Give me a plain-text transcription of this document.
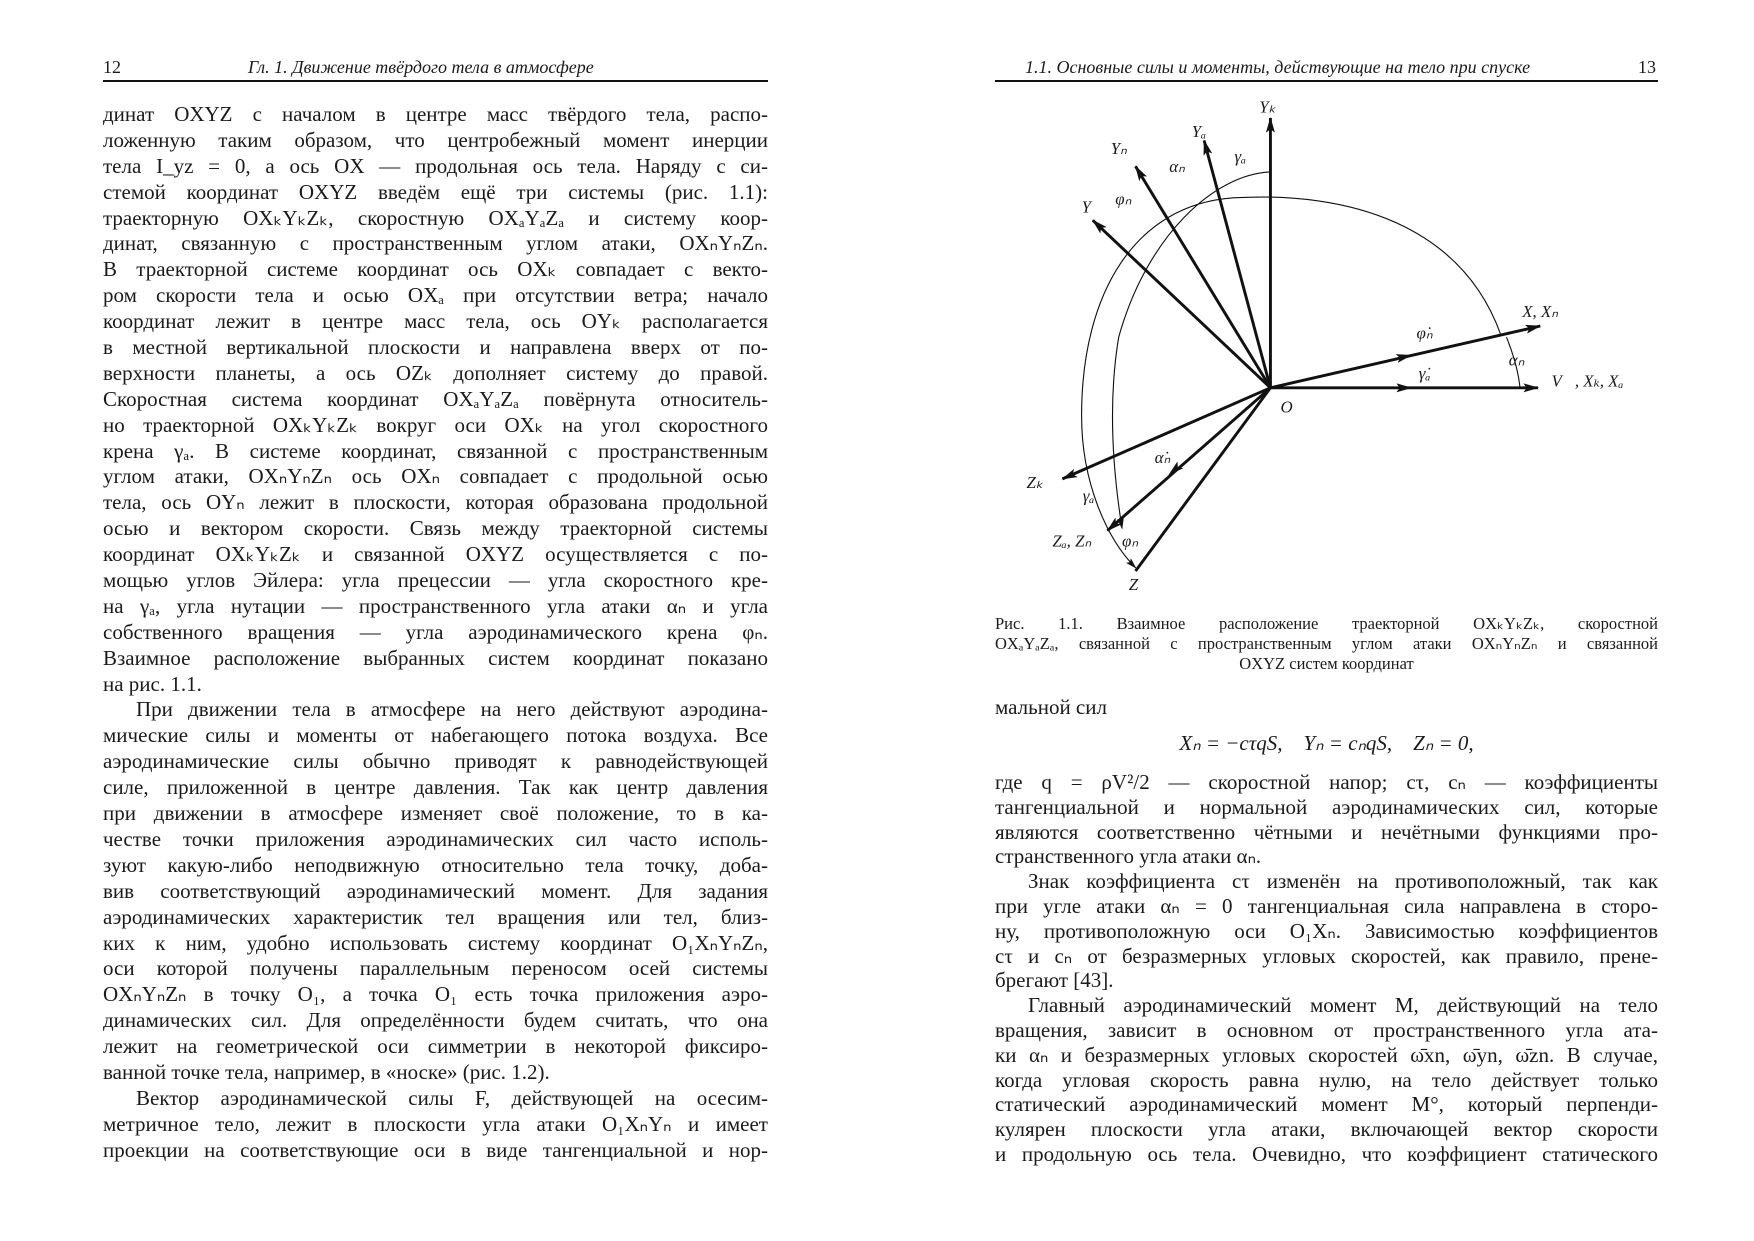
12	Гл. 1. Движение твёрдого тела в атмосфере	1.1. Основные силы и моменты, действующие на тело при спуске	13
динат OXYZ с началом в центре масс твёрдого тела, распо-
ложенную таким образом, что центробежный момент инерции
тела I_yz = 0, а ось OX — продольная ось тела. Наряду с си-
стемой координат OXYZ введём ещё три системы (рис. 1.1):
траекторную OXₖYₖZₖ, скоростную OXₐYₐZₐ и систему коор-
динат, связанную с пространственным углом атаки, OXₙYₙZₙ.
В траекторной системе координат ось OXₖ совпадает с векто-
ром скорости тела и осью OXₐ при отсутствии ветра; начало
координат лежит в центре масс тела, ось OYₖ располагается
в местной вертикальной плоскости и направлена вверх от по-
верхности планеты, а ось OZₖ дополняет систему до правой.
Скоростная система координат OXₐYₐZₐ повёрнута относитель-
но траекторной OXₖYₖZₖ вокруг оси OXₖ на угол скоростного
крена γₐ. В системе координат, связанной с пространственным
углом атаки, OXₙYₙZₙ ось OXₙ совпадает с продольной осью
тела, ось OYₙ лежит в плоскости, которая образована продольной
осью и вектором скорости. Связь между траекторной системы
координат OXₖYₖZₖ и связанной OXYZ осуществляется с по-
мощью углов Эйлера: угла прецессии — угла скоростного кре-
на γₐ, угла нутации — пространственного угла атаки αₙ и угла
собственного вращения — угла аэродинамического крена φₙ.
Взаимное расположение выбранных систем координат показано
на рис. 1.1.
При движении тела в атмосфере на него действуют аэродина-
мические силы и моменты от набегающего потока воздуха. Все
аэродинамические силы обычно приводят к равнодействующей
силе, приложенной в центре давления. Так как центр давления
при движении в атмосфере изменяет своё положение, то в ка-
честве точки приложения аэродинамических сил часто исполь-
зуют какую-либо неподвижную относительно тела точку, доба-
вив соответствующий аэродинамический момент. Для задания
аэродинамических характеристик тел вращения или тел, близ-
ких к ним, удобно использовать систему координат O₁XₙYₙZₙ,
оси которой получены параллельным переносом осей системы
OXₙYₙZₙ в точку O₁, а точка O₁ есть точка приложения аэро-
динамических сил. Для определённости будем считать, что она
лежит на геометрической оси симметрии в некоторой фиксиро-
ванной точке тела, например, в «носке» (рис. 1.2).
Вектор аэродинамической силы F, действующей на осесим-
метричное тело, лежит в плоскости угла атаки O₁XₙYₙ и имеет
проекции на соответствующие оси в виде тангенциальной и нор-
Yₖ
Yₐ
Yₙ
Y
X, Xₙ
V⃗, Xₖ, Xₐ
Zₖ
Zₐ, Zₙ
Z
O
αₙ
γₐ
φₙ
φ̇ₙ
γ̇ₐ
αₙ
α̇ₙ
γₐ
φₙ
Рис. 1.1. Взаимное расположение траекторной OXₖYₖZₖ, скоростной
OXₐYₐZₐ, связанной с пространственным углом атаки OXₙYₙZₙ и связанной
OXYZ систем координат
мальной сил
Xₙ = −cτqS,    Yₙ = cₙqS,    Zₙ = 0,
где q = ρV²/2 — скоростной напор; cτ, cₙ — коэффициенты
тангенциальной и нормальной аэродинамических сил, которые
являются соответственно чётными и нечётными функциями про-
странственного угла атаки αₙ.
Знак коэффициента cτ изменён на противоположный, так как
при угле атаки αₙ = 0 тангенциальная сила направлена в сторо-
ну, противоположную оси O₁Xₙ. Зависимостью коэффициентов
cτ и cₙ от безразмерных угловых скоростей, как правило, прене-
брегают [43].
Главный аэродинамический момент M, действующий на тело
вращения, зависит в основном от пространственного угла ата-
ки αₙ и безразмерных угловых скоростей ω̄xn, ω̄yn, ω̄zn. В случае,
когда угловая скорость равна нулю, на тело действует только
статический аэродинамический момент M°, который перпенди-
кулярен плоскости угла атаки, включающей вектор скорости
и продольную ось тела. Очевидно, что коэффициент статического
